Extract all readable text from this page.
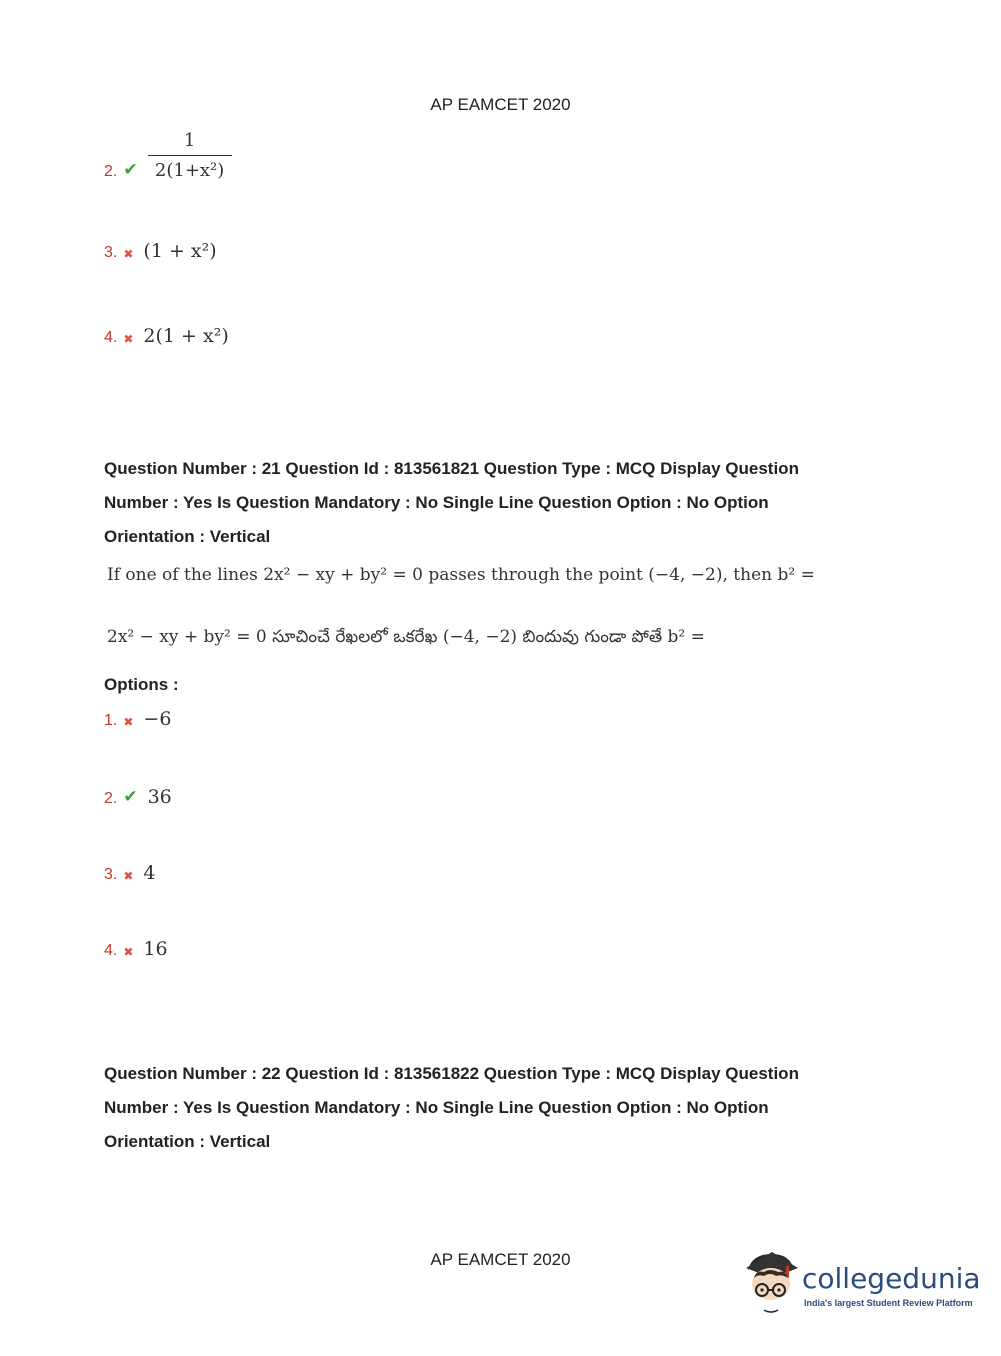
AP EAMCET 2020
2. ✔ $\frac{1}{\text{2(1+x²)}}$
3. ✖ (1 + x²)
4. ✖ 2(1 + x²)
Question Number : 21 Question Id : 813561821 Question Type : MCQ Display Question
Number : Yes Is Question Mandatory : No Single Line Question Option : No Option
Orientation : Vertical
If one of the lines 2x² − xy + by² = 0 passes through the point (−4, −2), then b² =
2x² − xy + by² = 0 సూచించే రేఖలలో ఒకరేఖ (−4, −2) బిందువు గుండా పోతే b² =
Options :
1. ✖ −6
2. ✔ 36
3. ✖ 4
4. ✖ 16
Question Number : 22 Question Id : 813561822 Question Type : MCQ Display Question
Number : Yes Is Question Mandatory : No Single Line Question Option : No Option
Orientation : Vertical
AP EAMCET 2020
collegedunia
India's largest Student Review Platform
